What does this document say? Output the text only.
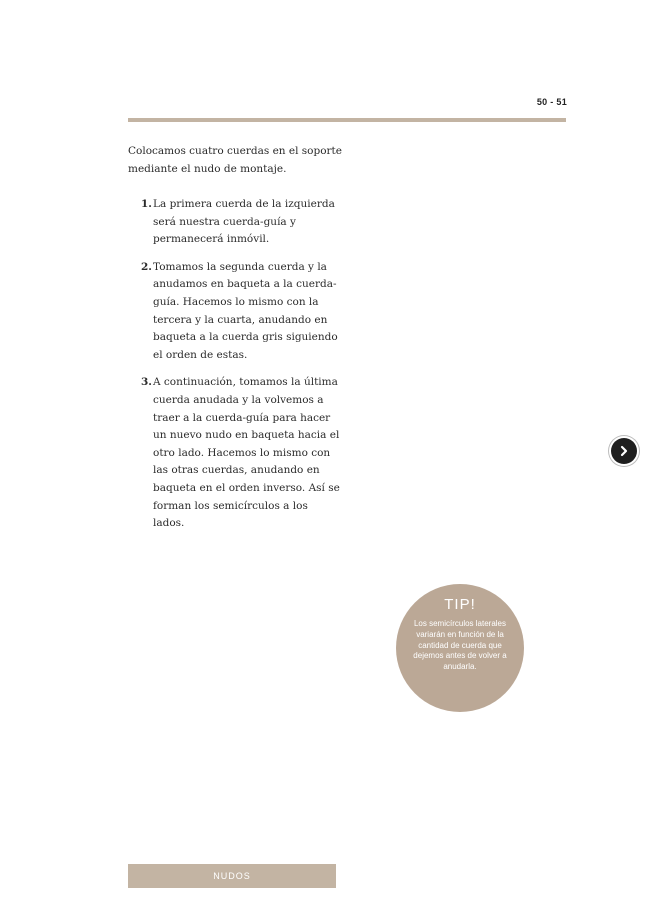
50 - 51

Colocamos cuatro cuerdas en el soporte mediante el nudo de montaje.

1. La primera cuerda de la izquierda será nuestra cuerda-guía y permanecerá inmóvil.
2. Tomamos la segunda cuerda y la anudamos en baqueta a la cuerda-guía. Hacemos lo mismo con la tercera y la cuarta, anudando en baqueta a la cuerda gris siguiendo el orden de estas.
3. A continuación, tomamos la última cuerda anudada y la volvemos a traer a la cuerda-guía para hacer un nuevo nudo en baqueta hacia el otro lado. Hacemos lo mismo con las otras cuerdas, anudando en baqueta en el orden inverso. Así se forman los semicírculos a los lados.
TIP!
Los semicírculos laterales variarán en función de la cantidad de cuerda que dejemos antes de volver a anudarla.
NUDOS
